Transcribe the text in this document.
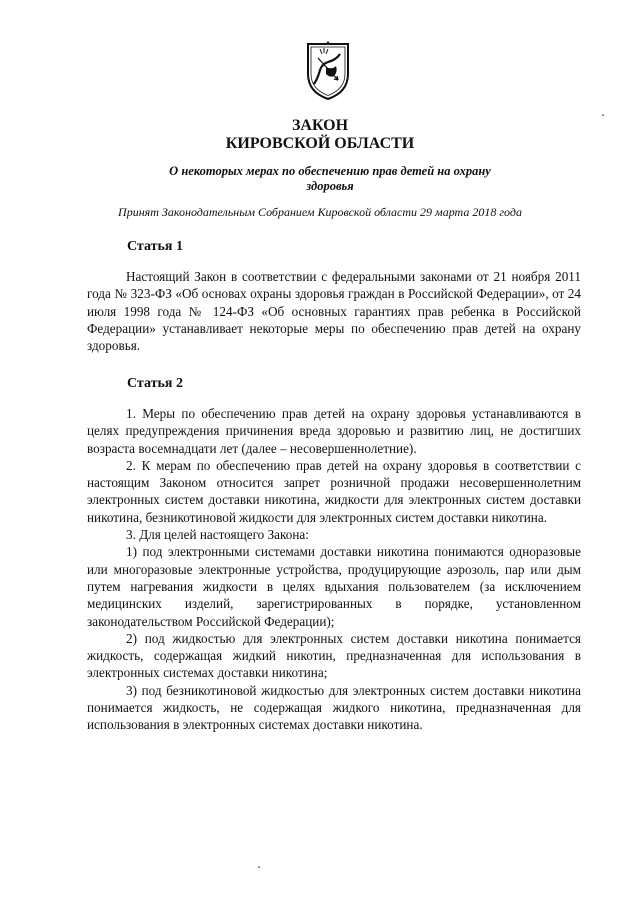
ЗАКОН
КИРОВСКОЙ ОБЛАСТИ
О некоторых мерах по обеспечению прав детей на охрану здоровья
Принят Законодательным Собранием Кировской области 29 марта 2018 года
Статья 1

Настоящий Закон в соответствии с федеральными законами от 21 ноября 2011 года № 323-ФЗ «Об основах охраны здоровья граждан в Российской Федерации», от 24 июля 1998 года № 124-ФЗ «Об основных гарантиях прав ребенка в Российской Федерации» устанавливает некоторые меры по обеспечению прав детей на охрану здоровья.

Статья 2

1. Меры по обеспечению прав детей на охрану здоровья устанавливаются в целях предупреждения причинения вреда здоровью и развитию лиц, не достигших возраста восемнадцати лет (далее – несовершеннолетние).

2. К мерам по обеспечению прав детей на охрану здоровья в соответствии с настоящим Законом относится запрет розничной продажи несовершеннолетним электронных систем доставки никотина, жидкости для электронных систем доставки никотина, безникотиновой жидкости для электронных систем доставки никотина.

3. Для целей настоящего Закона:

1) под электронными системами доставки никотина понимаются одноразовые или многоразовые электронные устройства, продуцирующие аэрозоль, пар или дым путем нагревания жидкости в целях вдыхания пользователем (за исключением медицинских изделий, зарегистрированных в порядке, установленном законодательством Российской Федерации);

2) под жидкостью для электронных систем доставки никотина понимается жидкость, содержащая жидкий никотин, предназначенная для использования в электронных системах доставки никотина;

3) под безникотиновой жидкостью для электронных систем доставки никотина понимается жидкость, не содержащая жидкого никотина, предназначенная для использования в электронных системах доставки никотина.
